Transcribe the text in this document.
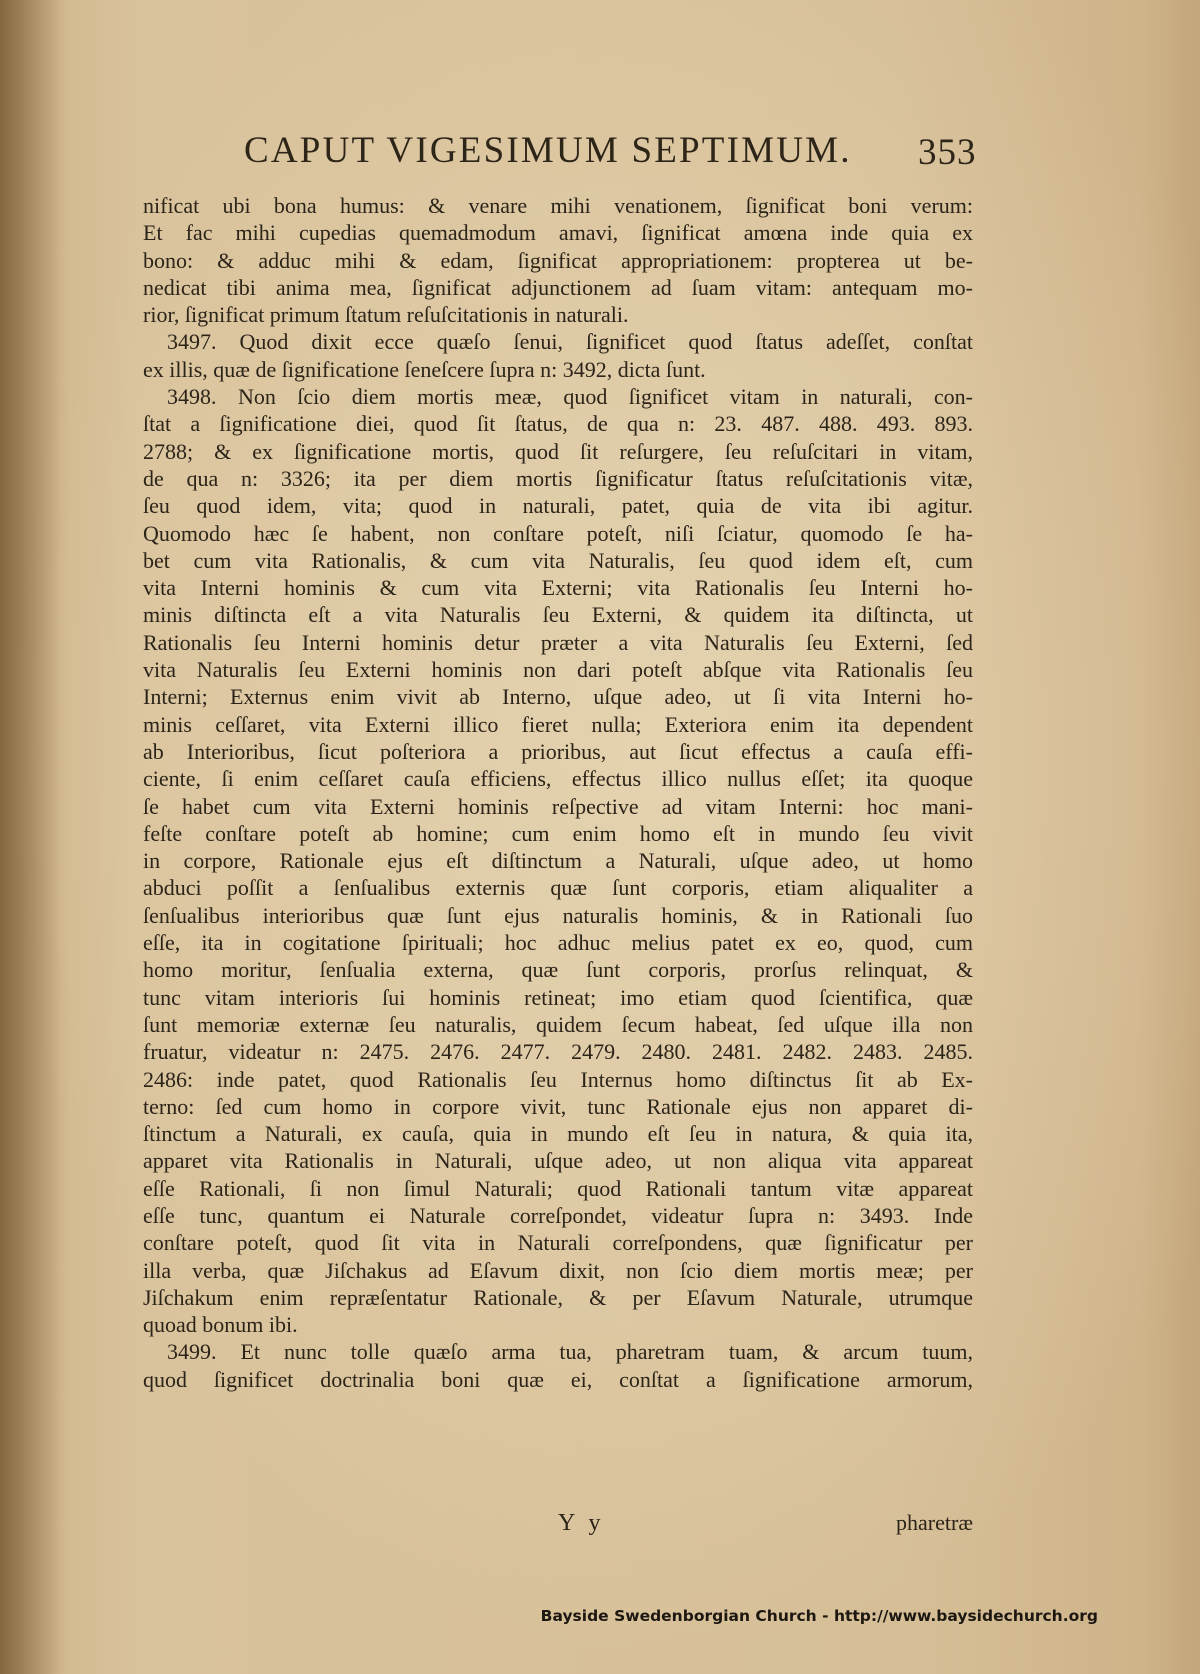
CAPUT VIGESIMUM SEPTIMUM. 353
nificat ubi bona humus: & venare mihi venationem, ſignificat boni verum:
Et fac mihi cupedias quemadmodum amavi, ſignificat amœna inde quia ex
bono: & adduc mihi & edam, ſignificat appropriationem: propterea ut be-
nedicat tibi anima mea, ſignificat adjunctionem ad ſuam vitam: antequam mo-
rior, ſignificat primum ſtatum reſuſcitationis in naturali.
3497. Quod dixit ecce quæſo ſenui, ſignificet quod ſtatus adeſſet, conſtat
ex illis, quæ de ſignificatione ſeneſcere ſupra n: 3492, dicta ſunt.
3498. Non ſcio diem mortis meæ, quod ſignificet vitam in naturali, con-
ſtat a ſignificatione diei, quod ſit ſtatus, de qua n: 23. 487. 488. 493. 893.
2788; & ex ſignificatione mortis, quod ſit reſurgere, ſeu reſuſcitari in vitam,
de qua n: 3326; ita per diem mortis ſignificatur ſtatus reſuſcitationis vitæ,
ſeu quod idem, vita; quod in naturali, patet, quia de vita ibi agitur.
Quomodo hæc ſe habent, non conſtare poteſt, niſi ſciatur, quomodo ſe ha-
bet cum vita Rationalis, & cum vita Naturalis, ſeu quod idem eſt, cum
vita Interni hominis & cum vita Externi; vita Rationalis ſeu Interni ho-
minis diſtincta eſt a vita Naturalis ſeu Externi, & quidem ita diſtincta, ut
Rationalis ſeu Interni hominis detur præter a vita Naturalis ſeu Externi, ſed
vita Naturalis ſeu Externi hominis non dari poteſt abſque vita Rationalis ſeu
Interni; Externus enim vivit ab Interno, uſque adeo, ut ſi vita Interni ho-
minis ceſſaret, vita Externi illico fieret nulla; Exteriora enim ita dependent
ab Interioribus, ſicut poſteriora a prioribus, aut ſicut effectus a cauſa effi-
ciente, ſi enim ceſſaret cauſa efficiens, effectus illico nullus eſſet; ita quoque
ſe habet cum vita Externi hominis reſpective ad vitam Interni: hoc mani-
feſte conſtare poteſt ab homine; cum enim homo eſt in mundo ſeu vivit
in corpore, Rationale ejus eſt diſtinctum a Naturali, uſque adeo, ut homo
abduci poſſit a ſenſualibus externis quæ ſunt corporis, etiam aliqualiter a
ſenſualibus interioribus quæ ſunt ejus naturalis hominis, & in Rationali ſuo
eſſe, ita in cogitatione ſpirituali; hoc adhuc melius patet ex eo, quod, cum
homo moritur, ſenſualia externa, quæ ſunt corporis, prorſus relinquat, &
tunc vitam interioris ſui hominis retineat; imo etiam quod ſcientifica, quæ
ſunt memoriæ externæ ſeu naturalis, quidem ſecum habeat, ſed uſque illa non
fruatur, videatur n: 2475. 2476. 2477. 2479. 2480. 2481. 2482. 2483. 2485.
2486: inde patet, quod Rationalis ſeu Internus homo diſtinctus ſit ab Ex-
terno: ſed cum homo in corpore vivit, tunc Rationale ejus non apparet di-
ſtinctum a Naturali, ex cauſa, quia in mundo eſt ſeu in natura, & quia ita,
apparet vita Rationalis in Naturali, uſque adeo, ut non aliqua vita appareat
eſſe Rationali, ſi non ſimul Naturali; quod Rationali tantum vitæ appareat
eſſe tunc, quantum ei Naturale correſpondet, videatur ſupra n: 3493. Inde
conſtare poteſt, quod ſit vita in Naturali correſpondens, quæ ſignificatur per
illa verba, quæ Jiſchakus ad Eſavum dixit, non ſcio diem mortis meæ; per
Jiſchakum enim repræſentatur Rationale, & per Eſavum Naturale, utrumque
quoad bonum ibi.
3499. Et nunc tolle quæſo arma tua, pharetram tuam, & arcum tuum,
quod ſignificet doctrinalia boni quæ ei, conſtat a ſignificatione armorum,
Y y	pharetræ
Bayside Swedenborgian Church - http://www.baysidechurch.org
